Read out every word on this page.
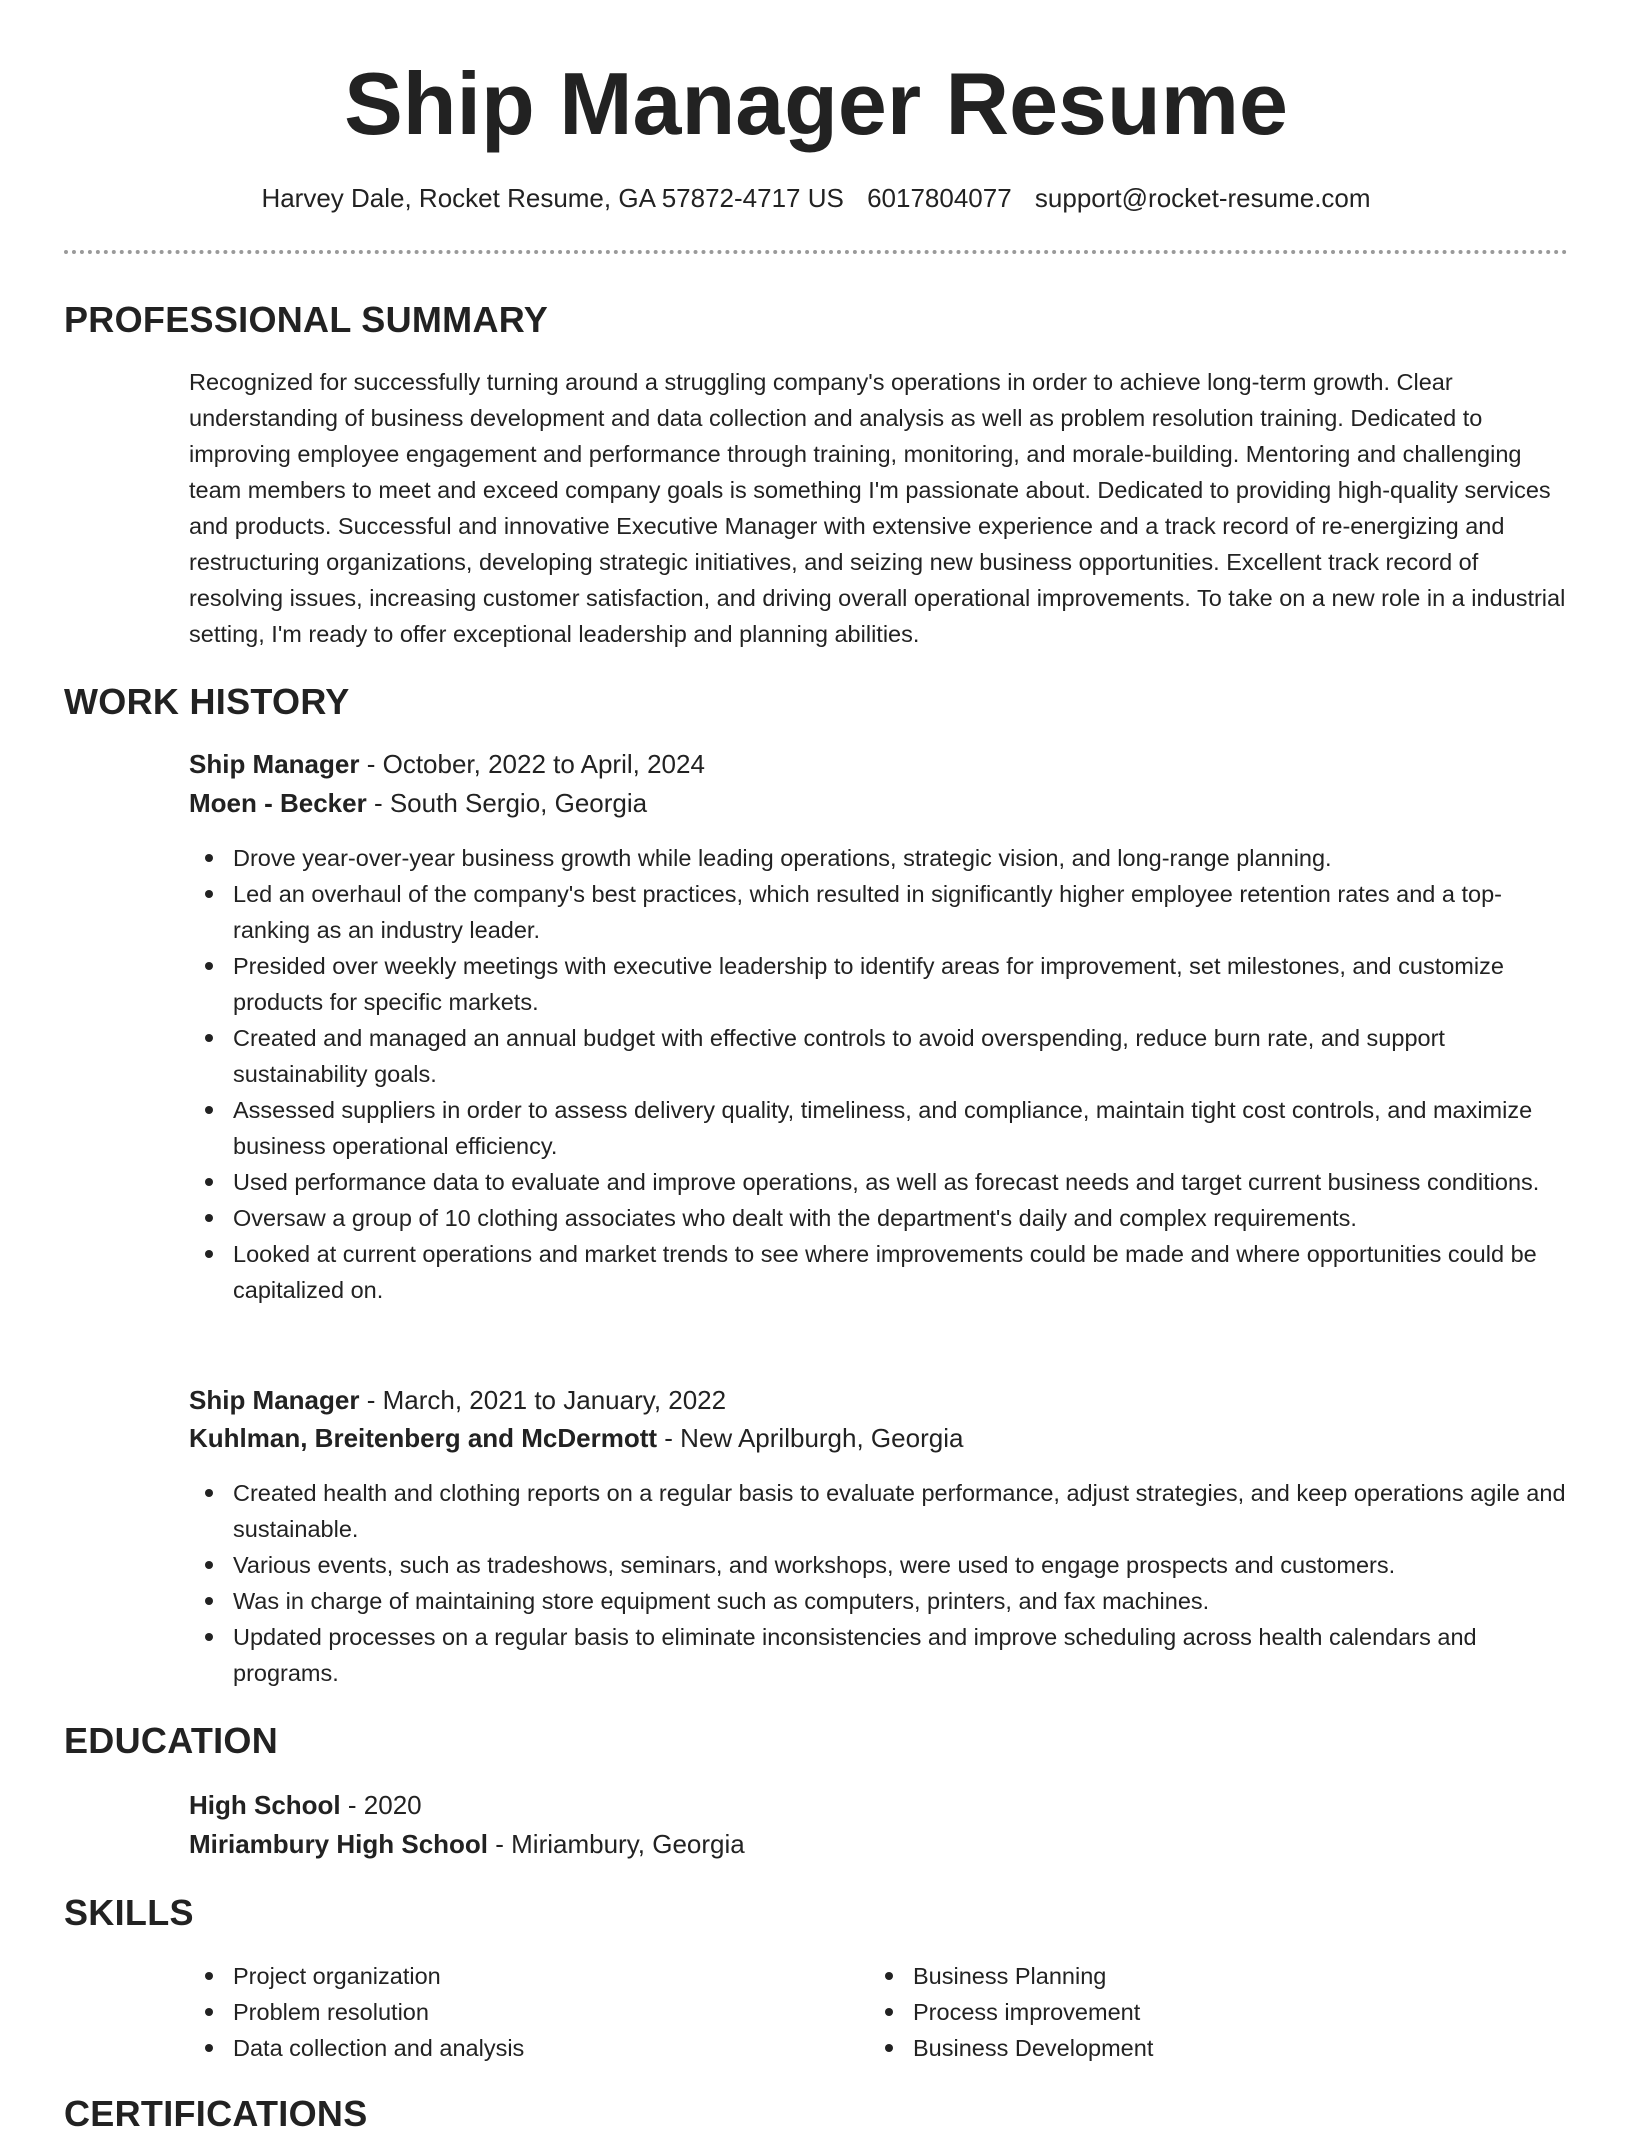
Ship Manager Resume
Harvey Dale, Rocket Resume, GA 57872-4717 US 6017804077 support@rocket-resume.com
PROFESSIONAL SUMMARY

Recognized for successfully turning around a struggling company's operations in order to achieve long-term growth. Clear understanding of business development and data collection and analysis as well as problem resolution training. Dedicated to improving employee engagement and performance through training, monitoring, and morale-building. Mentoring and challenging team members to meet and exceed company goals is something I'm passionate about. Dedicated to providing high-quality services and products. Successful and innovative Executive Manager with extensive experience and a track record of re-energizing and restructuring organizations, developing strategic initiatives, and seizing new business opportunities. Excellent track record of resolving issues, increasing customer satisfaction, and driving overall operational improvements. To take on a new role in a industrial setting, I'm ready to offer exceptional leadership and planning abilities.

WORK HISTORY
Ship Manager - October, 2022 to April, 2024
Moen - Becker - South Sergio, Georgia
Drove year-over-year business growth while leading operations, strategic vision, and long-range planning.
Led an overhaul of the company's best practices, which resulted in significantly higher employee retention rates and a top-ranking as an industry leader.
Presided over weekly meetings with executive leadership to identify areas for improvement, set milestones, and customize products for specific markets.
Created and managed an annual budget with effective controls to avoid overspending, reduce burn rate, and support sustainability goals.
Assessed suppliers in order to assess delivery quality, timeliness, and compliance, maintain tight cost controls, and maximize business operational efficiency.
Used performance data to evaluate and improve operations, as well as forecast needs and target current business conditions.
Oversaw a group of 10 clothing associates who dealt with the department's daily and complex requirements.
Looked at current operations and market trends to see where improvements could be made and where opportunities could be capitalized on.
Ship Manager - March, 2021 to January, 2022
Kuhlman, Breitenberg and McDermott - New Aprilburgh, Georgia
Created health and clothing reports on a regular basis to evaluate performance, adjust strategies, and keep operations agile and sustainable.
Various events, such as tradeshows, seminars, and workshops, were used to engage prospects and customers.
Was in charge of maintaining store equipment such as computers, printers, and fax machines.
Updated processes on a regular basis to eliminate inconsistencies and improve scheduling across health calendars and programs.
EDUCATION
High School - 2020
Miriambury High School - Miriambury, Georgia
SKILLS
Project organization
Problem resolution
Data collection and analysis
Business Planning
Process improvement
Business Development
CERTIFICATIONS
